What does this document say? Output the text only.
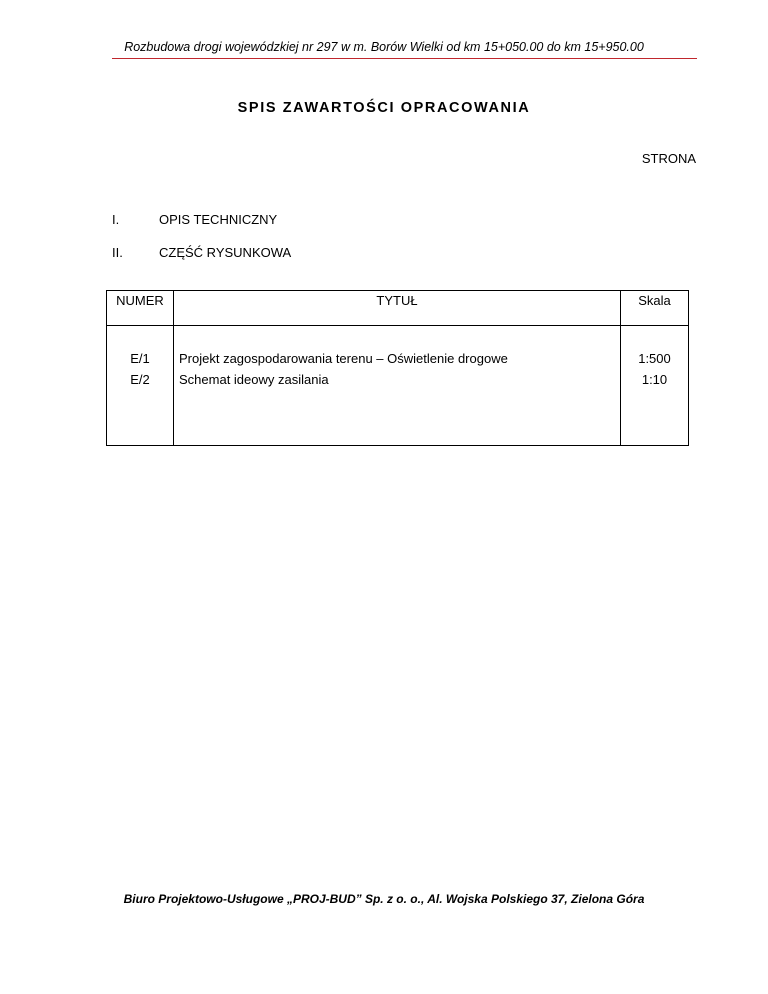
Rozbudowa drogi wojewódzkiej nr 297 w m. Borów Wielki od km 15+050.00 do km 15+950.00
SPIS ZAWARTOŚCI OPRACOWANIA
STRONA
I.	OPIS TECHNICZNY
II.	CZĘŚĆ RYSUNKOWA
NUMER	TYTUŁ	Skala
E/1	Projekt zagospodarowania terenu – Oświetlenie drogowe	1:500
E/2	Schemat ideowy zasilania	1:10

Biuro Projektowo-Usługowe „PROJ-BUD” Sp. z o. o., Al. Wojska Polskiego 37, Zielona Góra
